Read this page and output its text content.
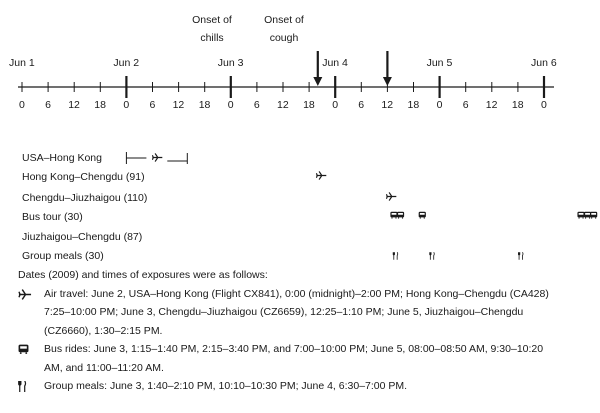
Jun 1	Jun 2	Jun 3	Jun 4	Jun 5	Jun 6
0 6 12 18 0 6 12 18 0 6 12 18 0 6 12 18 0 6 12 18 0
Onset of
chills
Onset of
cough
USA–Hong Kong
Hong Kong–Chengdu (91)
Chengdu–Jiuzhaigou (110)
Bus tour (30)
Jiuzhaigou–Chengdu (87)
Group meals (30)
Dates (2009) and times of exposures were as follows:
Air travel: June 2, USA–Hong Kong (Flight CX841), 0:00 (midnight)–2:00 PM; Hong Kong–Chengdu (CA428)
7:25–10:00 PM; June 3, Chengdu–Jiuzhaigou (CZ6659), 12:25–1:10 PM; June 5, Jiuzhaigou–Chengdu
(CZ6660), 1:30–2:15 PM.
Bus rides: June 3, 1:15–1:40 PM, 2:15–3:40 PM, and 7:00–10:00 PM; June 5, 08:00–08:50 AM, 9:30–10:20
AM, and 11:00–11:20 AM.
Group meals: June 3, 1:40–2:10 PM, 10:10–10:30 PM; June 4, 6:30–7:00 PM.
